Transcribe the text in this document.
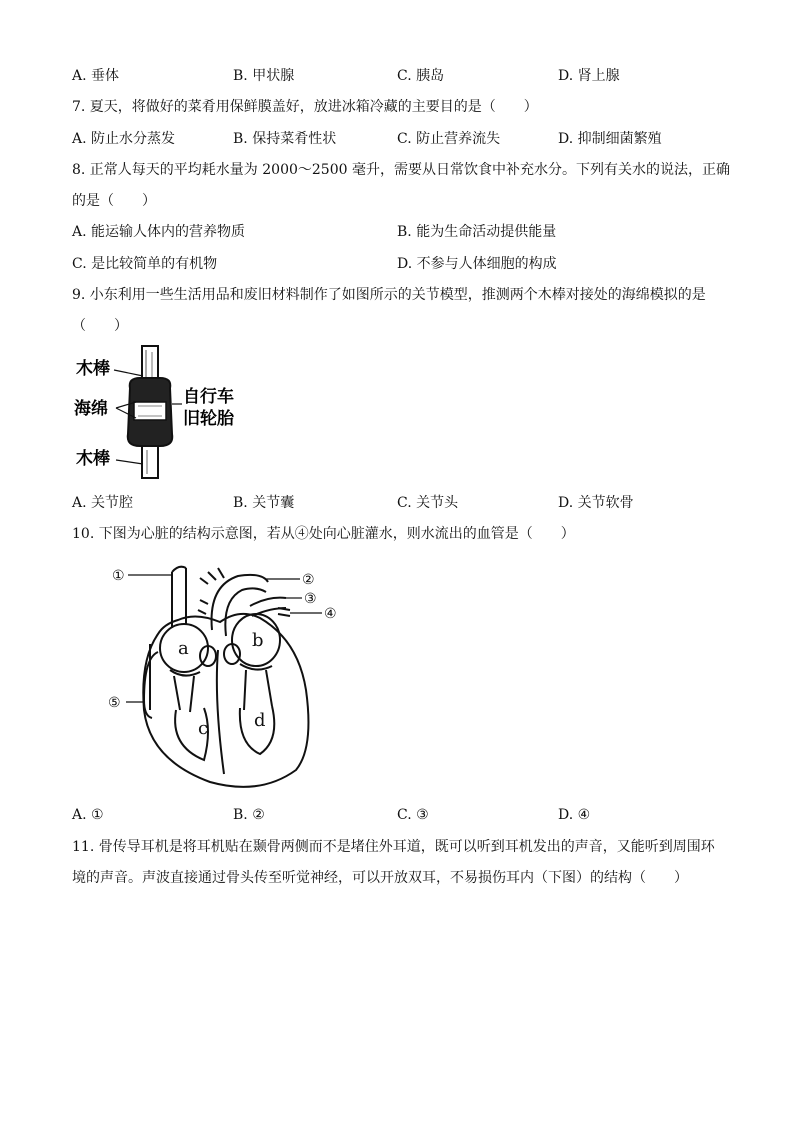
A. 垂体	B. 甲状腺	C. 胰岛	D. 肾上腺
7. 夏天，将做好的菜肴用保鲜膜盖好，放进冰箱冷藏的主要目的是（　　）
A. 防止水分蒸发	B. 保持菜肴性状	C. 防止营养流失	D. 抑制细菌繁殖
8. 正常人每天的平均耗水量为 2000～2500 毫升，需要从日常饮食中补充水分。下列有关水的说法，正确
的是（　　）
A. 能运输人体内的营养物质	B. 能为生命活动提供能量
C. 是比较简单的有机物	D. 不参与人体细胞的构成
9. 小东利用一些生活用品和废旧材料制作了如图所示的关节模型，推测两个木棒对接处的海绵模拟的是
（　　）
木棒
海绵
自行车
旧轮胎
木棒
A. 关节腔	B. 关节囊	C. 关节头	D. 关节软骨
10. 下图为心脏的结构示意图，若从④处向心脏灌水，则水流出的血管是（　　）
①	②
③
④
⑤
a	b
c	d
A. ①	B. ②	C. ③	D. ④
11. 骨传导耳机是将耳机贴在颞骨两侧而不是堵住外耳道，既可以听到耳机发出的声音，又能听到周围环
境的声音。声波直接通过骨头传至听觉神经，可以开放双耳，不易损伤耳内（下图）的结构（　　）
